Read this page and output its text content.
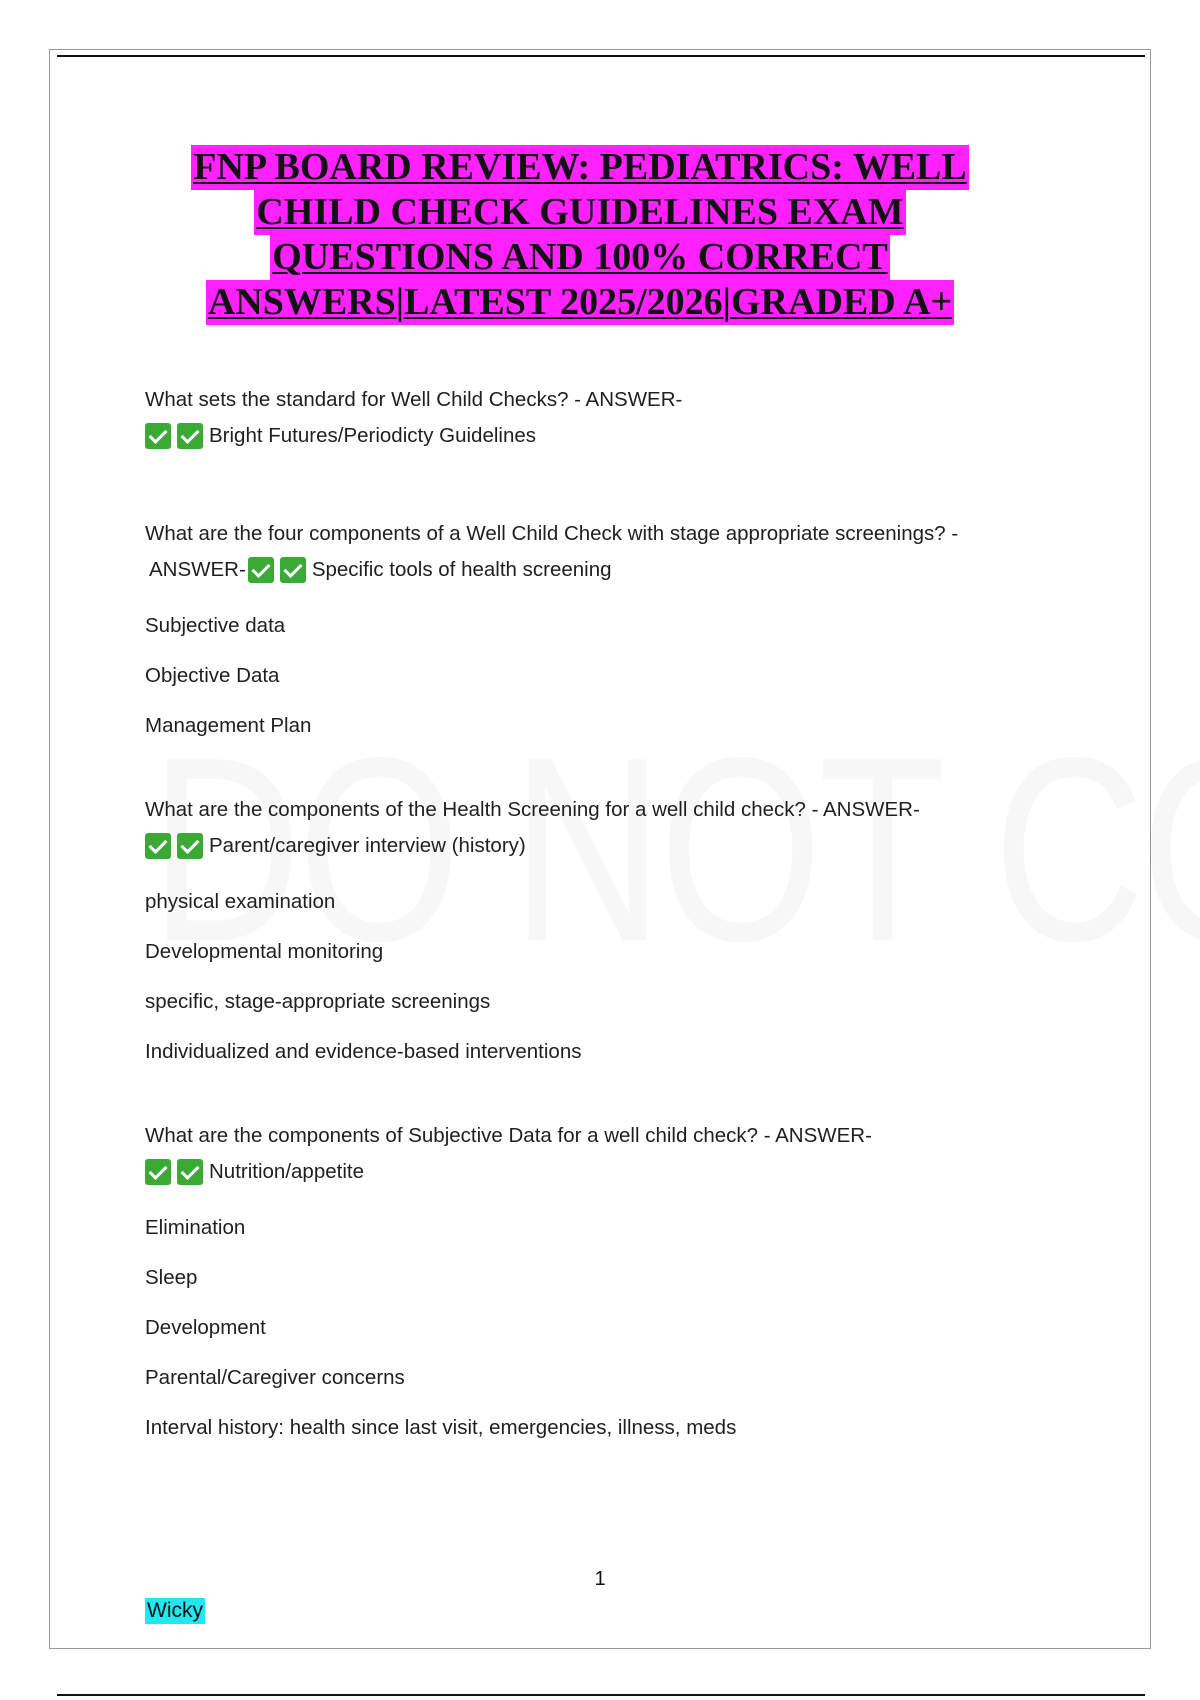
FNP BOARD REVIEW: PEDIATRICS: WELL
CHILD CHECK GUIDELINES EXAM
QUESTIONS AND 100% CORRECT
ANSWERS|LATEST 2025/2026|GRADED A+

What sets the standard for Well Child Checks? - ANSWER-

Bright Futures/Periodicty Guidelines

What are the four components of a Well Child Check with stage appropriate screenings? -

ANSWER-	Specific tools of health screening

Subjective data

Objective Data

Management Plan

What are the components of the Health Screening for a well child check? - ANSWER-

Parent/caregiver interview (history)

physical examination

Developmental monitoring

specific, stage-appropriate screenings

Individualized and evidence-based interventions

What are the components of Subjective Data for a well child check? - ANSWER-

Nutrition/appetite

Elimination

Sleep

Development

Parental/Caregiver concerns

Interval history: health since last visit, emergencies, illness, meds

1
Wicky
